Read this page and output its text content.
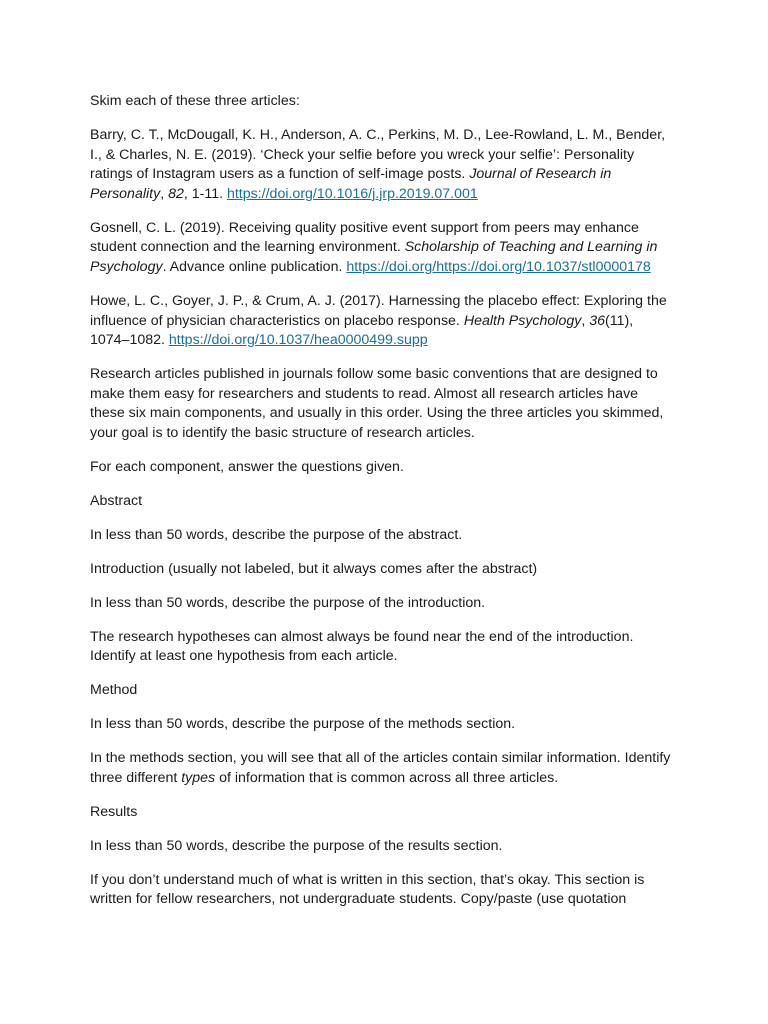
Skim each of these three articles:

Barry, C. T., McDougall, K. H., Anderson, A. C., Perkins, M. D., Lee-Rowland, L. M., Bender, I., & Charles, N. E. (2019). ‘Check your selfie before you wreck your selfie’: Personality ratings of Instagram users as a function of self-image posts. Journal of Research in Personality, 82, 1-11. https://doi.org/10.1016/j.jrp.2019.07.001

Gosnell, C. L. (2019). Receiving quality positive event support from peers may enhance student connection and the learning environment. Scholarship of Teaching and Learning in Psychology. Advance online publication. https://doi.org/https://doi.org/10.1037/stl0000178

Howe, L. C., Goyer, J. P., & Crum, A. J. (2017). Harnessing the placebo effect: Exploring the influence of physician characteristics on placebo response. Health Psychology, 36(11), 1074–1082. https://doi.org/10.1037/hea0000499.supp

Research articles published in journals follow some basic conventions that are designed to make them easy for researchers and students to read. Almost all research articles have these six main components, and usually in this order. Using the three articles you skimmed, your goal is to identify the basic structure of research articles.

For each component, answer the questions given.

Abstract

In less than 50 words, describe the purpose of the abstract.

Introduction (usually not labeled, but it always comes after the abstract)

In less than 50 words, describe the purpose of the introduction.

The research hypotheses can almost always be found near the end of the introduction. Identify at least one hypothesis from each article.

Method

In less than 50 words, describe the purpose of the methods section.

In the methods section, you will see that all of the articles contain similar information. Identify three different types of information that is common across all three articles.

Results

In less than 50 words, describe the purpose of the results section.

If you don’t understand much of what is written in this section, that’s okay. This section is written for fellow researchers, not undergraduate students. Copy/paste (use quotation
